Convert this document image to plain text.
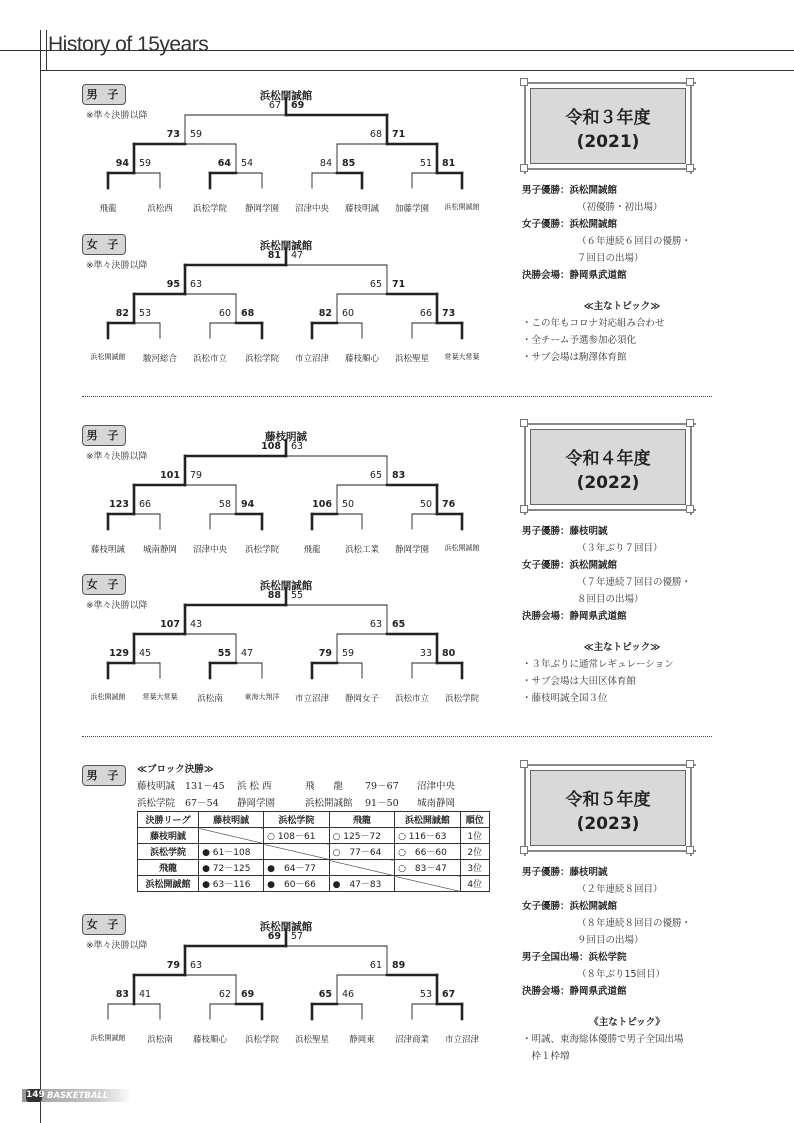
History of 15years
浜松開誠館
飛龍	浜松西	浜松学院	静岡学園	沼津中央	藤枝明誠	加藤学園	浜松開誠館
94 59	64 54	84 85	51 81
73 59	68 71
67 69
浜松開誠館
浜松開誠館	駿河総合	浜松市立	浜松学院	市立沼津	藤枝順心	浜松聖星	常葉大常葉
82 53	60 68	82 60	66 73
95 63	65 71
81 47
藤枝明誠
藤枝明誠	城南静岡	沼津中央	浜松学院	飛龍	浜松工業	静岡学園	浜松開誠館
123 66	58 94	106 50	50 76
101 79	65 83
108 63
浜松開誠館
浜松開誠館	常葉大常葉	浜松南	東海大翔洋	市立沼津	静岡女子	浜松市立	浜松学院
129 45	55 47	79 59	33 80
107 43	63 65
88 55
浜松開誠館
浜松開誠館	浜松南	藤枝順心	浜松学院	浜松聖星	静岡東	沼津商業	市立沼津
83 41	62 69	65 46	53 67
79 63	61 89
69 57
男 子
※準々決勝以降
女 子
※準々決勝以降
男 子
※準々決勝以降
女 子
※準々決勝以降
男 子
女 子
※準々決勝以降
令和３年度
(2021)
令和４年度
(2022)
令和５年度
(2023)
男子優勝：浜松開誠館
（初優勝・初出場）
女子優勝：浜松開誠館
（６年連続６回目の優勝・
７回目の出場）
決勝会場：静岡県武道館
≪主なトピック≫
・この年もコロナ対応組み合わせ
・全チーム予選参加必須化
・サブ会場は駒澤体育館
男子優勝：藤枝明誠
（３年ぶり７回目）
女子優勝：浜松開誠館
（７年連続７回目の優勝・
８回目の出場）
決勝会場：静岡県武道館
≪主なトピック≫
・３年ぶりに通常レギュレーション
・サブ会場は大田区体育館
・藤枝明誠全国３位
男子優勝：藤枝明誠
（２年連続８回目）
女子優勝：浜松開誠館
（８年連続８回目の優勝・
９回目の出場）
男子全国出場：浜松学院
（８年ぶり15回目）
決勝会場：静岡県武道館
《主なトピック》
・明誠、東海総体優勝で男子全国出場
　枠１枠増
≪ブロック決勝≫
藤枝明誠	131－45	浜 松 西	飛　　龍	79－67	沼津中央
浜松学院	67－54	静岡学園	浜松開誠館	91－50	城南静岡
決勝リーグ	藤枝明誠	浜松学院	飛龍	浜松開誠館	順位
藤枝明誠		○ 108－61	○ 125－72	○ 116－63	1位
浜松学院	● 61－108		○　77－64	○　66－60	2位
飛龍	● 72－125	●　64－77		○　83－47	3位
浜松開誠館	● 63－116	●　60－66	●　47－83		4位
149 BASKETBALL
